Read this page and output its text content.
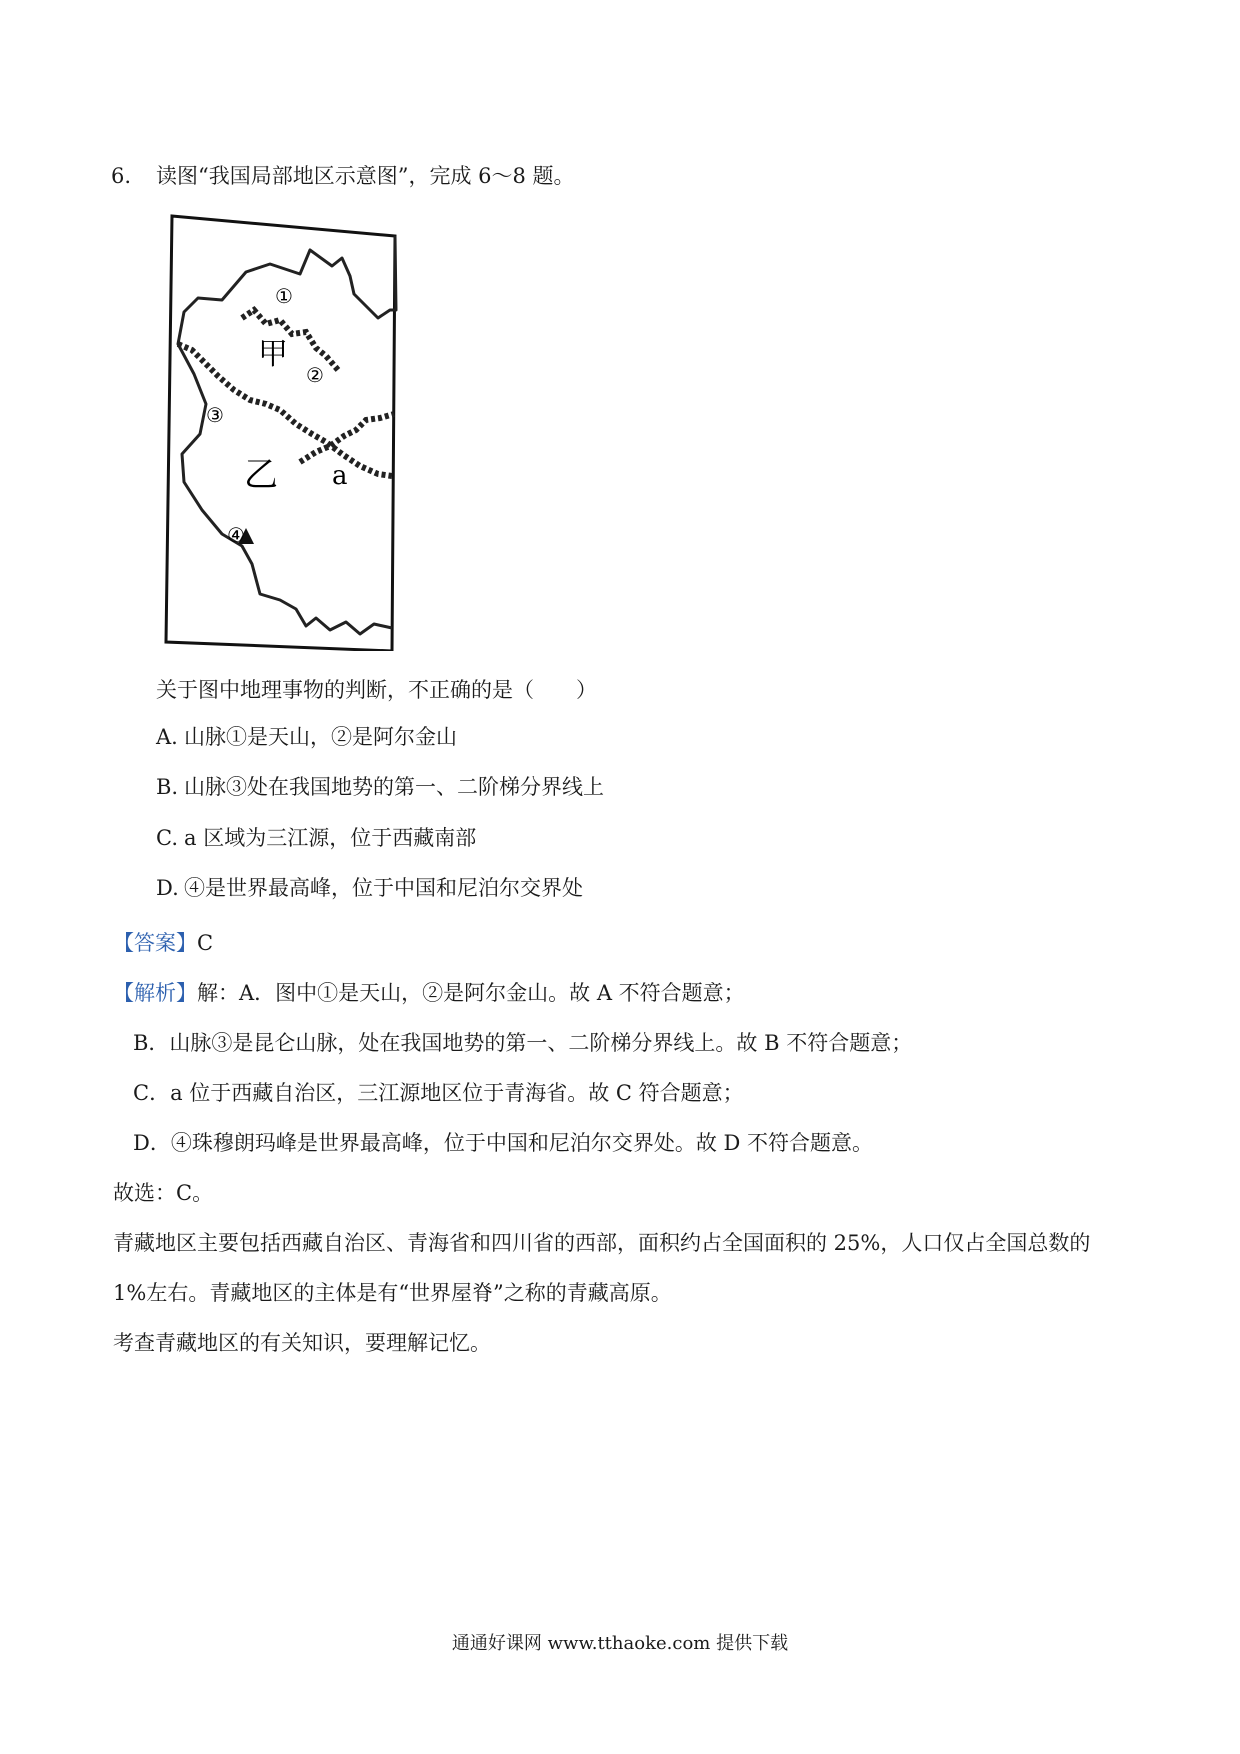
6. 读图“我国局部地区示意图”，完成 6～8 题。
①
甲
②
③
乙 a
④
关于图中地理事物的判断，不正确的是（　　）
A. 山脉①是天山，②是阿尔金山
B. 山脉③处在我国地势的第一、二阶梯分界线上
C. a 区域为三江源，位于西藏南部
D. ④是世界最高峰，位于中国和尼泊尔交界处
【答案】C
【解析】解：A．图中①是天山，②是阿尔金山。故 A 不符合题意；
B．山脉③是昆仑山脉，处在我国地势的第一、二阶梯分界线上。故 B 不符合题意；
C．a 位于西藏自治区，三江源地区位于青海省。故 C 符合题意；
D．④珠穆朗玛峰是世界最高峰，位于中国和尼泊尔交界处。故 D 不符合题意。
故选：C。
青藏地区主要包括西藏自治区、青海省和四川省的西部，面积约占全国面积的 25%，人口仅占全国总数的
1%左右。青藏地区的主体是有“世界屋脊”之称的青藏高原。
考查青藏地区的有关知识，要理解记忆。
通通好课网 www.tthaoke.com 提供下载
